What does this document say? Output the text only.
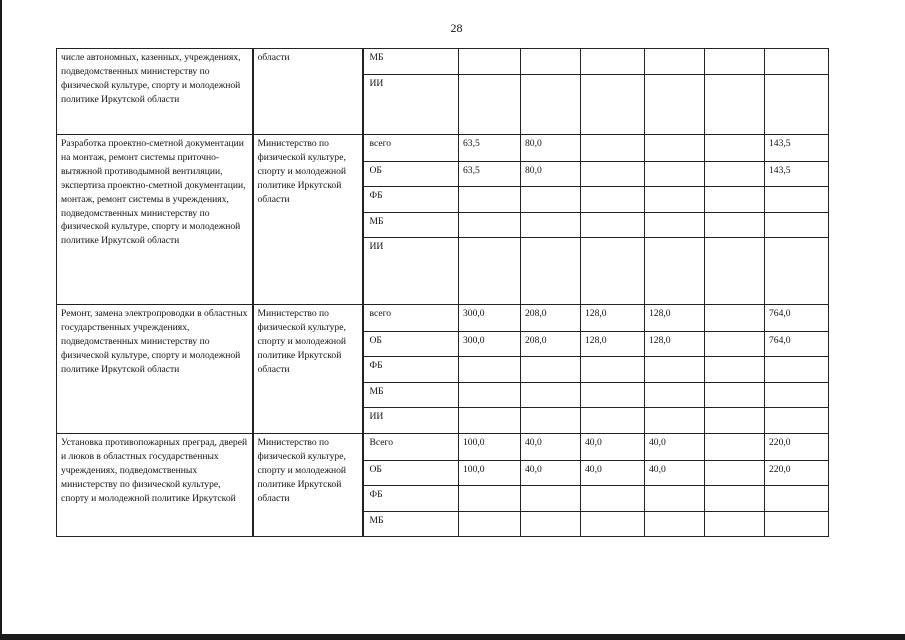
28
числе автономных, казенных, учреждениях, подведомственных министерству по физической культуре, спорту и молодежной политике Иркутской области	области	МБ						
		ИИ						
Разработка проектно-сметной документации на монтаж, ремонт системы приточно-вытяжной противодымной вентиляции, экспертиза проектно-сметной документации, монтаж, ремонт системы в учреждениях, подведомственных министерству по физической культуре, спорту и молодежной политике Иркутской области	Министерство по физической культуре, спорту и молодежной политике Иркутской области	всего	63,5	80,0				143,5
		ОБ	63,5	80,0				143,5
		ФБ						
		МБ						
		ИИ						
Ремонт, замена электропроводки в областных государственных учреждениях, подведомственных министерству по физической культуре, спорту и молодежной политике Иркутской области	Министерство по физической культуре, спорту и молодежной политике Иркутской области	всего	300,0	208,0	128,0	128,0		764,0
		ОБ	300,0	208,0	128,0	128,0		764,0
		ФБ						
		МБ						
		ИИ						
Установка противопожарных преград, дверей и люков в областных государственных учреждениях, подведомственных министерству по физической культуре, спорту и молодежной политике Иркутской	Министерство по физической культуре, спорту и молодежной политике Иркутской области	Всего	100,0	40,0	40,0	40,0		220,0
		ОБ	100,0	40,0	40,0	40,0		220,0
		ФБ						
		МБ						
